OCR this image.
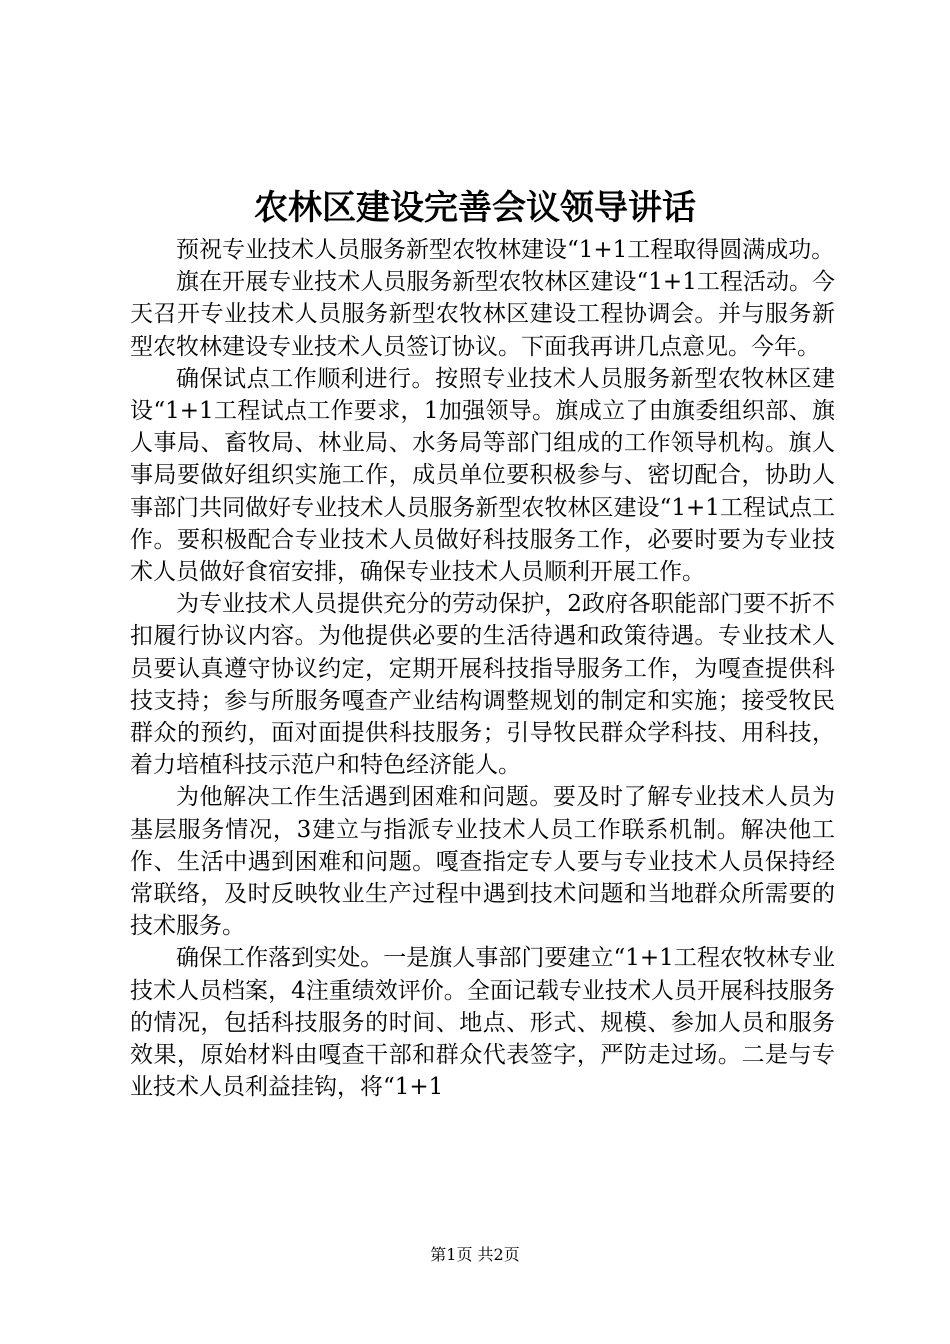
农林区建设完善会议领导讲话

预祝专业技术人员服务新型农牧林建设“1+1工程取得圆满成功。

旗在开展专业技术人员服务新型农牧林区建设“1+1工程活动。今天召开专业技术人员服务新型农牧林区建设工程协调会。并与服务新型农牧林建设专业技术人员签订协议。下面我再讲几点意见。今年。

确保试点工作顺利进行。按照专业技术人员服务新型农牧林区建设“1+1工程试点工作要求，1加强领导。旗成立了由旗委组织部、旗人事局、畜牧局、林业局、水务局等部门组成的工作领导机构。旗人事局要做好组织实施工作，成员单位要积极参与、密切配合，协助人事部门共同做好专业技术人员服务新型农牧林区建设“1+1工程试点工作。要积极配合专业技术人员做好科技服务工作，必要时要为专业技术人员做好食宿安排，确保专业技术人员顺利开展工作。

为专业技术人员提供充分的劳动保护，2政府各职能部门要不折不扣履行协议内容。为他提供必要的生活待遇和政策待遇。专业技术人员要认真遵守协议约定，定期开展科技指导服务工作，为嘎查提供科技支持；参与所服务嘎查产业结构调整规划的制定和实施；接受牧民群众的预约，面对面提供科技服务；引导牧民群众学科技、用科技，着力培植科技示范户和特色经济能人。

为他解决工作生活遇到困难和问题。要及时了解专业技术人员为基层服务情况，3建立与指派专业技术人员工作联系机制。解决他工作、生活中遇到困难和问题。嘎查指定专人要与专业技术人员保持经常联络，及时反映牧业生产过程中遇到技术问题和当地群众所需要的技术服务。

确保工作落到实处。一是旗人事部门要建立“1+1工程农牧林专业技术人员档案，4注重绩效评价。全面记载专业技术人员开展科技服务的情况，包括科技服务的时间、地点、形式、规模、参加人员和服务效果，原始材料由嘎查干部和群众代表签字，严防走过场。二是与专业技术人员利益挂钩，将“1+1

第1页 共2页
